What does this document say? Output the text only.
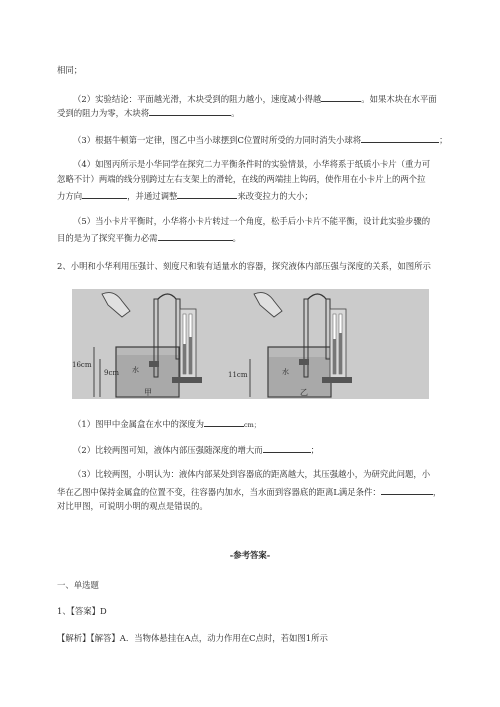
相同；
（2）实验结论：平面越光滑，木块受到的阻力越小，速度减小得越	。如果木块在水平面
受到的阻力为零，木块将	。
（3）根据牛顿第一定律，图乙中当小球摆到C位置时所受的力同时消失小球将	；
（4）如图丙所示是小华同学在探究二力平衡条件时的实验情景，小华将系于纸质小卡片（重力可
忽略不计）两端的线分别跨过左右支架上的滑轮，在线的两端挂上钩码，使作用在小卡片上的两个拉
力方向	，并通过调整	来改变拉力的大小；
（5）当小卡片平衡时，小华将小卡片转过一个角度，松手后小卡片不能平衡，设计此实验步骤的
目的是为了探究平衡力必需	。
2、小明和小华利用压强计、刻度尺和装有适量水的容器，探究液体内部压强与深度的关系，如图所示
16cm
9cm 水
甲
11cm	水
乙
（1）图甲中金属盒在水中的深度为	cm；
（2）比较两图可知，液体内部压强随深度的增大而	；
（3）比较两图，小明认为：液体内部某处到容器底的距离越大，其压强越小，为研究此问题，小
华在乙图中保持金属盒的位置不变，往容器内加水，当水面到容器底的距离L满足条件：	，
对比甲图，可说明小明的观点是错误的。
-参考答案-
一、单选题
1、【答案】D
【解析】【解答】A．当物体悬挂在A点，动力作用在C点时，若如图1所示
